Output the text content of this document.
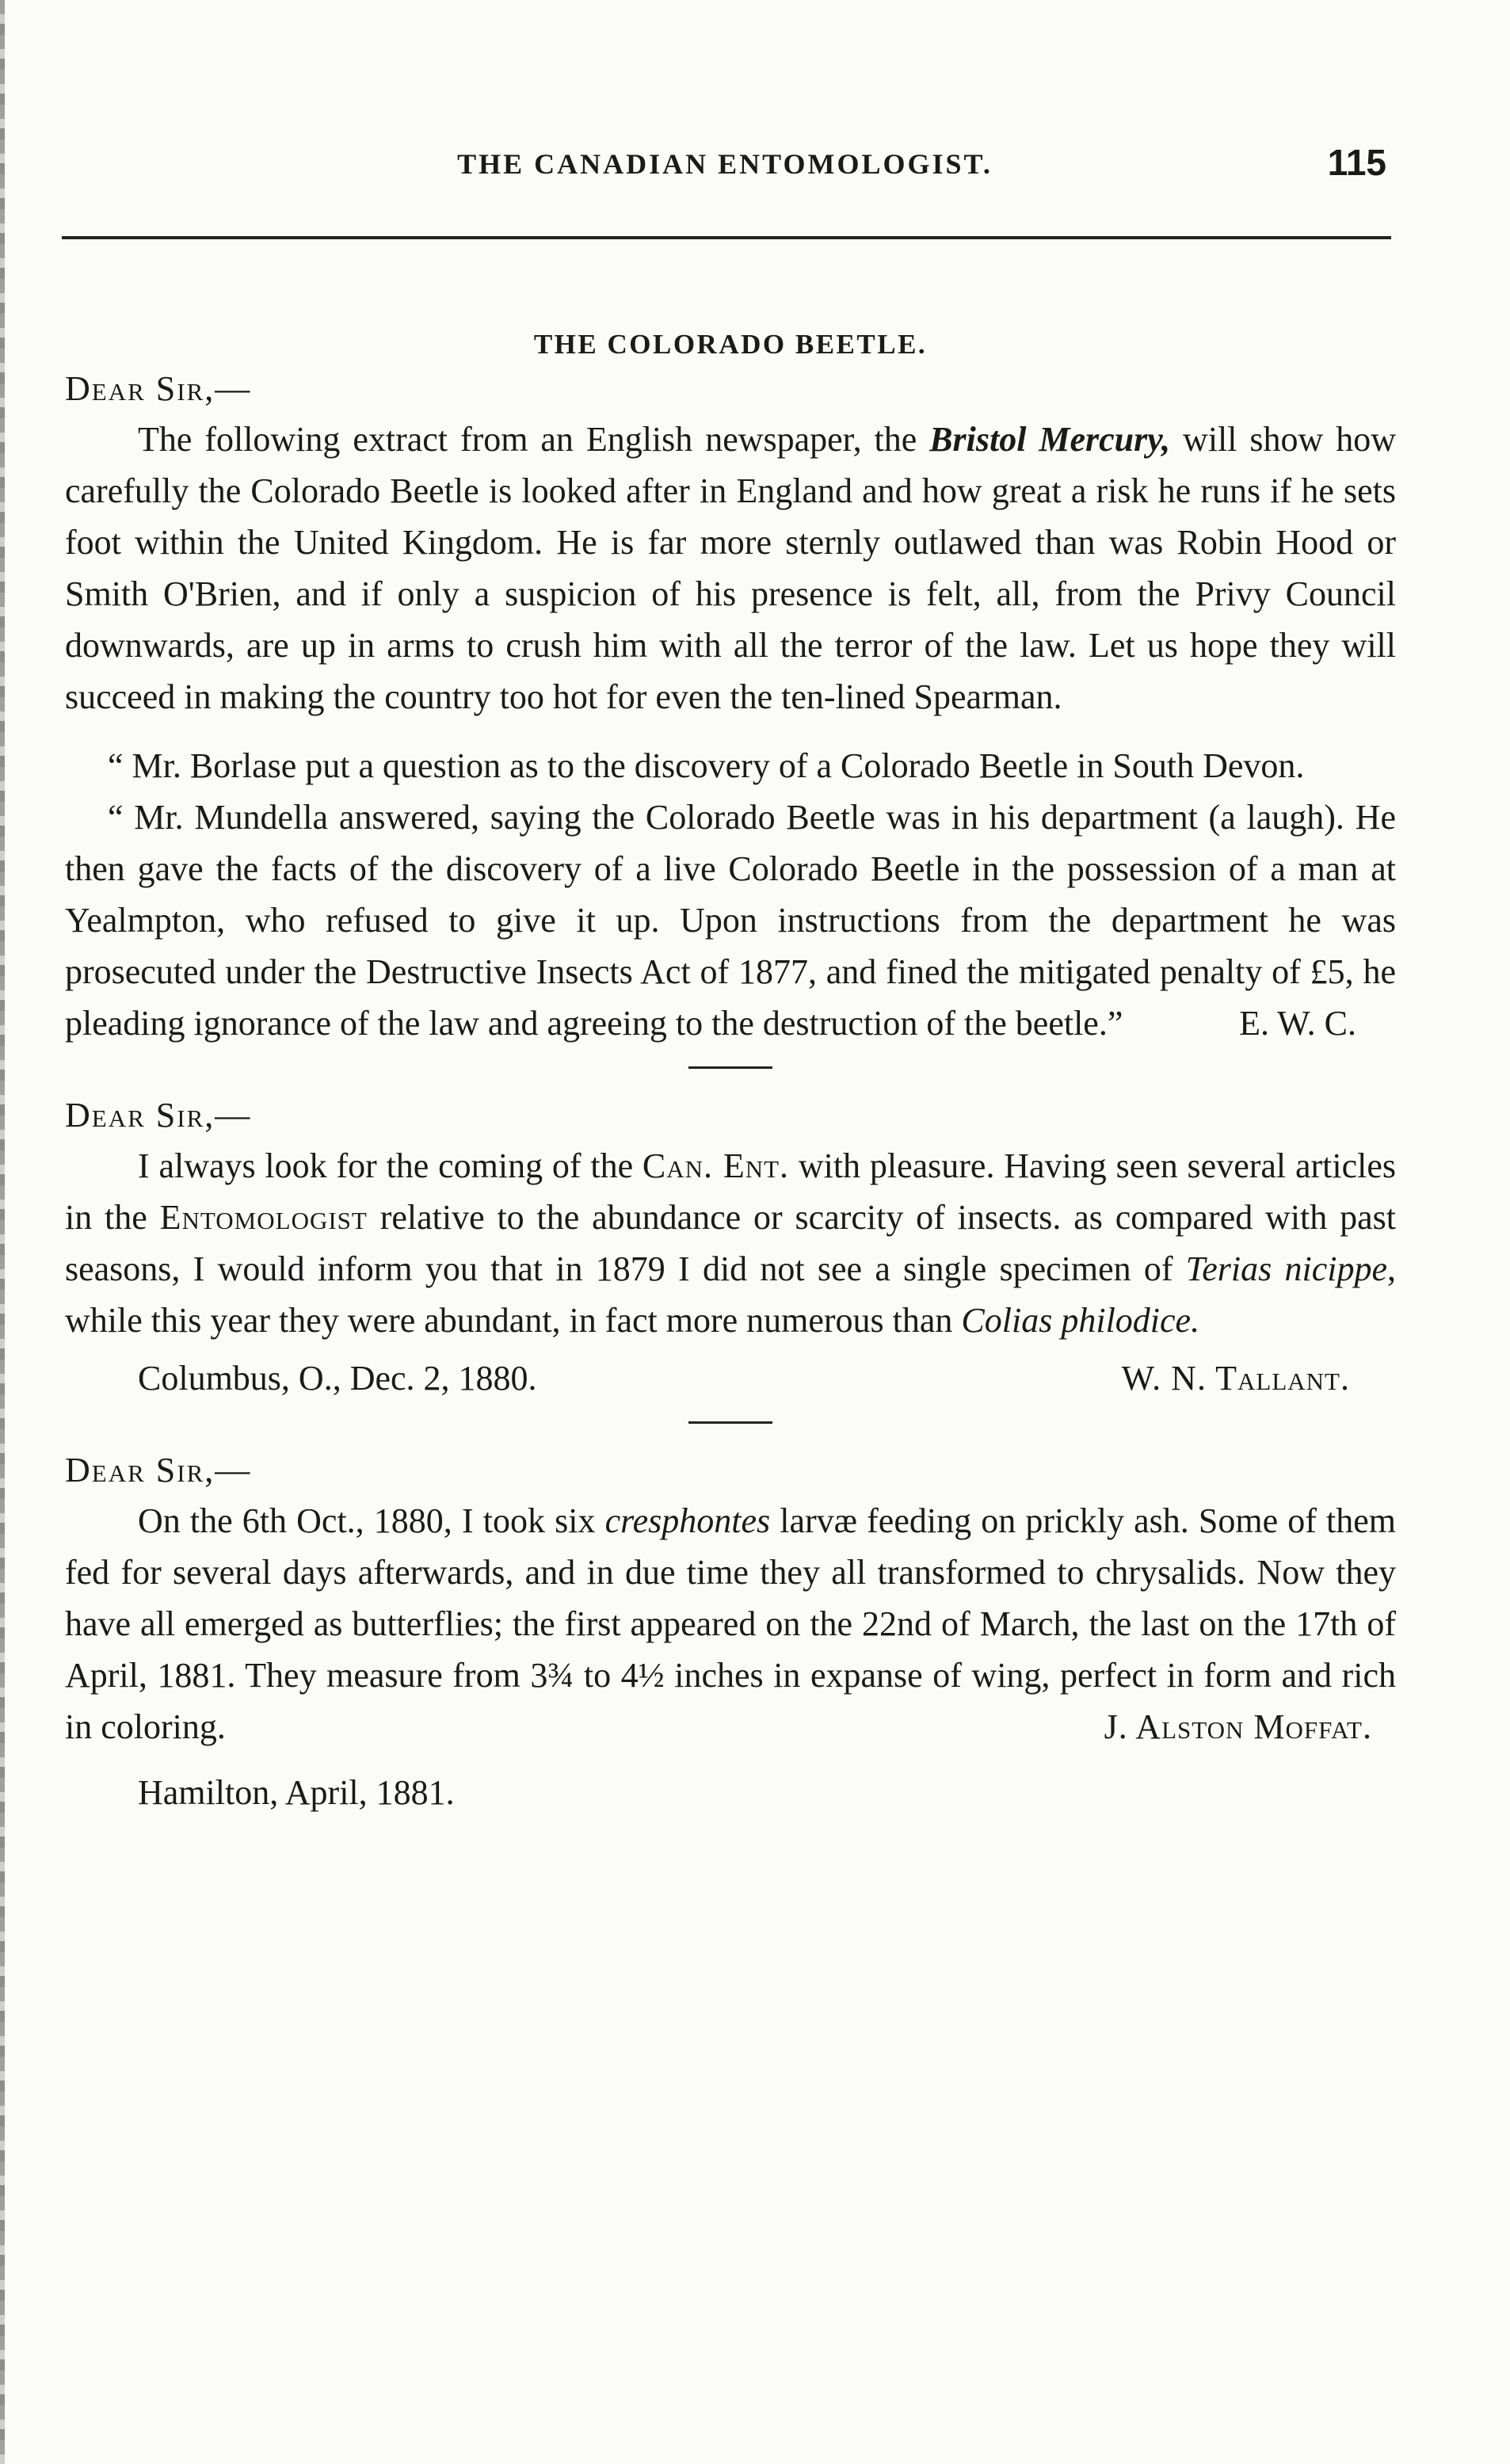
THE CANADIAN ENTOMOLOGIST.	115
THE COLORADO BEETLE.

Dear Sir,—

The following extract from an English newspaper, the Bristol Mercury, will show how carefully the Colorado Beetle is looked after in England and how great a risk he runs if he sets foot within the United Kingdom. He is far more sternly outlawed than was Robin Hood or Smith O'Brien, and if only a suspicion of his presence is felt, all, from the Privy Council downwards, are up in arms to crush him with all the terror of the law. Let us hope they will succeed in making the country too hot for even the ten-lined Spearman.

“ Mr. Borlase put a question as to the discovery of a Colorado Beetle in South Devon.

“ Mr. Mundella answered, saying the Colorado Beetle was in his department (a laugh). He then gave the facts of the discovery of a live Colorado Beetle in the possession of a man at Yealmpton, who refused to give it up. Upon instructions from the department he was prosecuted under the Destructive Insects Act of 1877, and fined the mitigated penalty of £5, he pleading ignorance of the law and agreeing to the destruction of the beetle.”	E. W. C.

Dear Sir,—

I always look for the coming of the Can. Ent. with pleasure. Having seen several articles in the Entomologist relative to the abundance or scarcity of insects. as compared with past seasons, I would inform you that in 1879 I did not see a single specimen of Terias nicippe, while this year they were abundant, in fact more numerous than Colias philodice.

Columbus, O., Dec. 2, 1880.	W. N. Tallant.

Dear Sir,—

On the 6th Oct., 1880, I took six cresphontes larvæ feeding on prickly ash. Some of them fed for several days afterwards, and in due time they all transformed to chrysalids. Now they have all emerged as butterflies; the first appeared on the 22nd of March, the last on the 17th of April, 1881. They measure from 3¾ to 4½ inches in expanse of wing, perfect in form and rich in coloring.	J. Alston Moffat.

Hamilton, April, 1881.
